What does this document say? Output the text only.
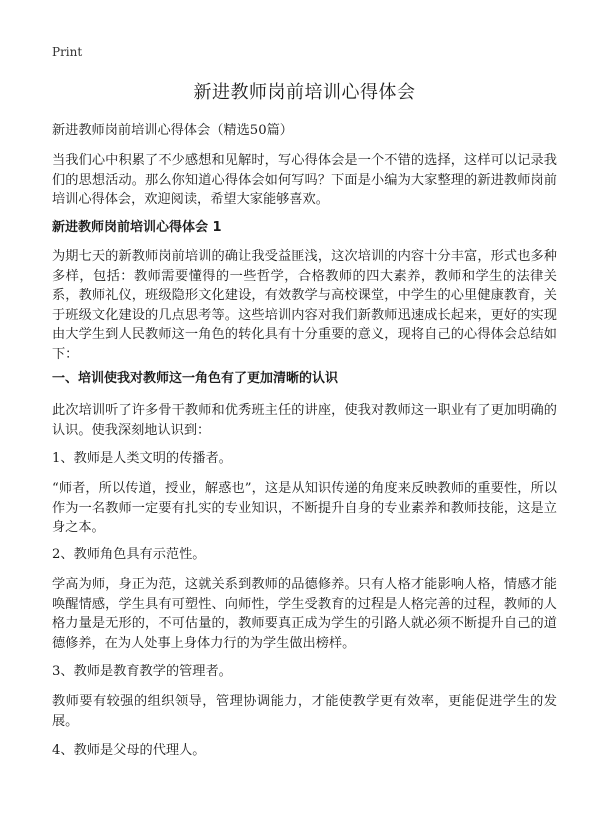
Print
新进教师岗前培训心得体会

新进教师岗前培训心得体会（精选50篇）

当我们心中积累了不少感想和见解时，写心得体会是一个不错的选择，这样可以记录我们的思想活动。那么你知道心得体会如何写吗？下面是小编为大家整理的新进教师岗前培训心得体会，欢迎阅读，希望大家能够喜欢。

新进教师岗前培训心得体会 1

为期七天的新教师岗前培训的确让我受益匪浅，这次培训的内容十分丰富，形式也多种多样，包括：教师需要懂得的一些哲学，合格教师的四大素养，教师和学生的法律关系，教师礼仪，班级隐形文化建设，有效教学与高校课堂，中学生的心里健康教育，关于班级文化建设的几点思考等。这些培训内容对我们新教师迅速成长起来，更好的实现由大学生到人民教师这一角色的转化具有十分重要的意义，现将自己的心得体会总结如下：

一、培训使我对教师这一角色有了更加清晰的认识

此次培训听了许多骨干教师和优秀班主任的讲座，使我对教师这一职业有了更加明确的认识。使我深刻地认识到：

1、教师是人类文明的传播者。

“师者，所以传道，授业，解惑也”，这是从知识传递的角度来反映教师的重要性，所以作为一名教师一定要有扎实的专业知识，不断提升自身的专业素养和教师技能，这是立身之本。

2、教师角色具有示范性。

学高为师，身正为范，这就关系到教师的品德修养。只有人格才能影响人格，情感才能唤醒情感，学生具有可塑性、向师性，学生受教育的过程是人格完善的过程，教师的人格力量是无形的，不可估量的，教师要真正成为学生的引路人就必须不断提升自己的道德修养，在为人处事上身体力行的为学生做出榜样。

3、教师是教育教学的管理者。

教师要有较强的组织领导，管理协调能力，才能使教学更有效率，更能促进学生的发展。

4、教师是父母的代理人。
